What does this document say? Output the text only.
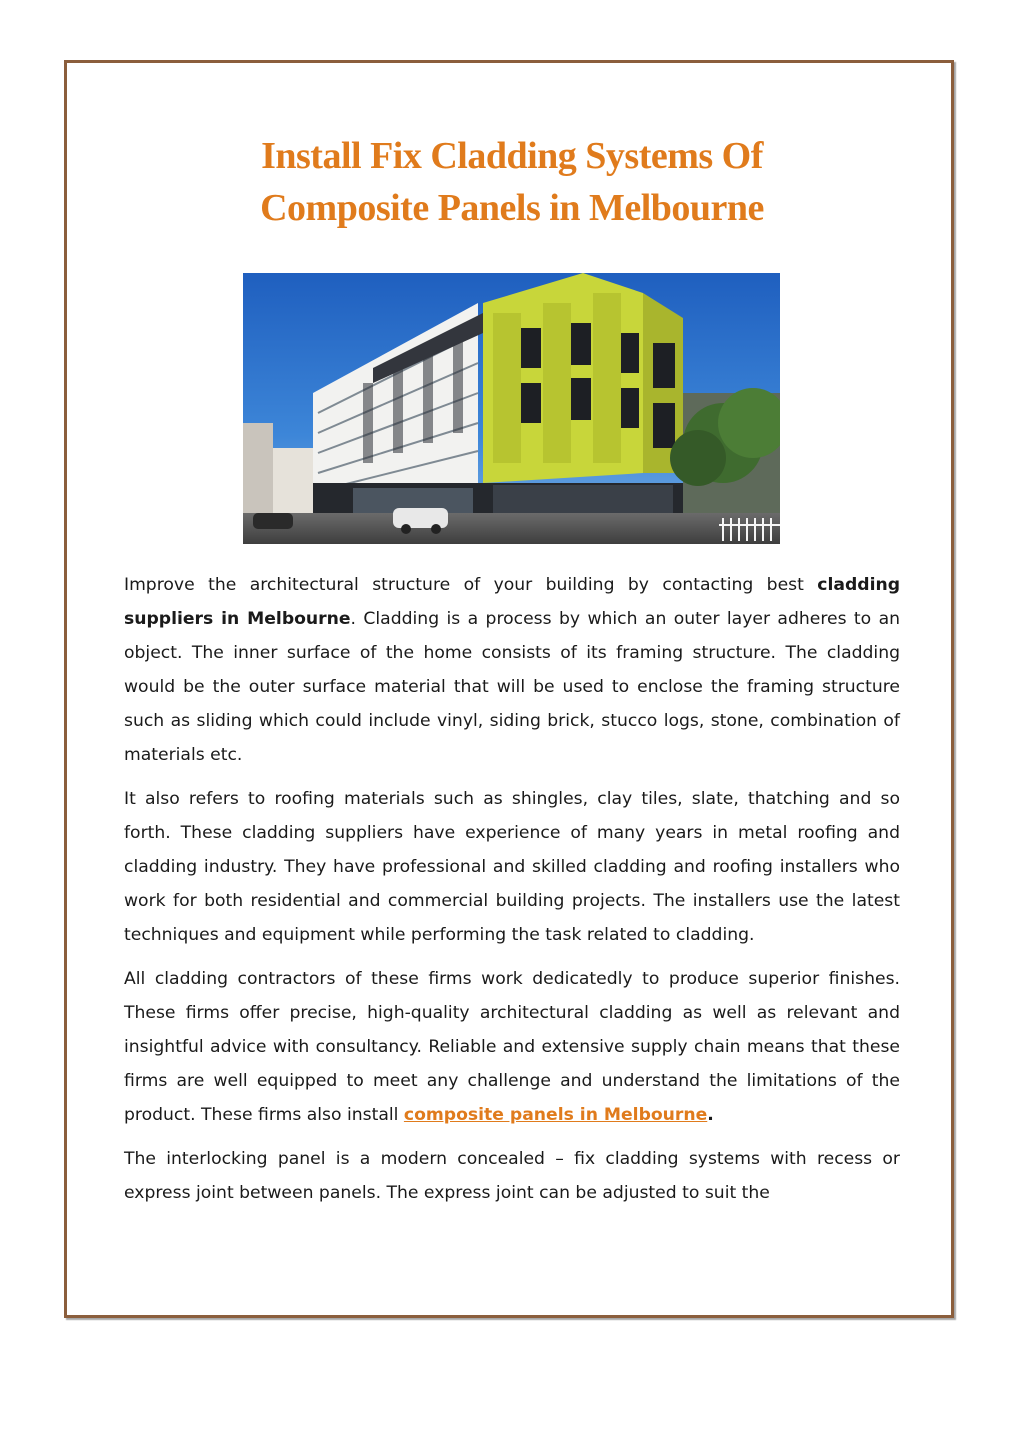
Install Fix Cladding Systems Of
Composite Panels in Melbourne

Improve the architectural structure of your building by contacting best cladding suppliers in Melbourne. Cladding is a process by which an outer layer adheres to an object. The inner surface of the home consists of its framing structure. The cladding would be the outer surface material that will be used to enclose the framing structure such as sliding which could include vinyl, siding brick, stucco logs, stone, combination of materials etc.

It also refers to roofing materials such as shingles, clay tiles, slate, thatching and so forth. These cladding suppliers have experience of many years in metal roofing and cladding industry. They have professional and skilled cladding and roofing installers who work for both residential and commercial building projects. The installers use the latest techniques and equipment while performing the task related to cladding.

All cladding contractors of these firms work dedicatedly to produce superior finishes. These firms offer precise, high-quality architectural cladding as well as relevant and insightful advice with consultancy. Reliable and extensive supply chain means that these firms are well equipped to meet any challenge and understand the limitations of the product. These firms also install composite panels in Melbourne.

The interlocking panel is a modern concealed – fix cladding systems with recess or express joint between panels. The express joint can be adjusted to suit the
